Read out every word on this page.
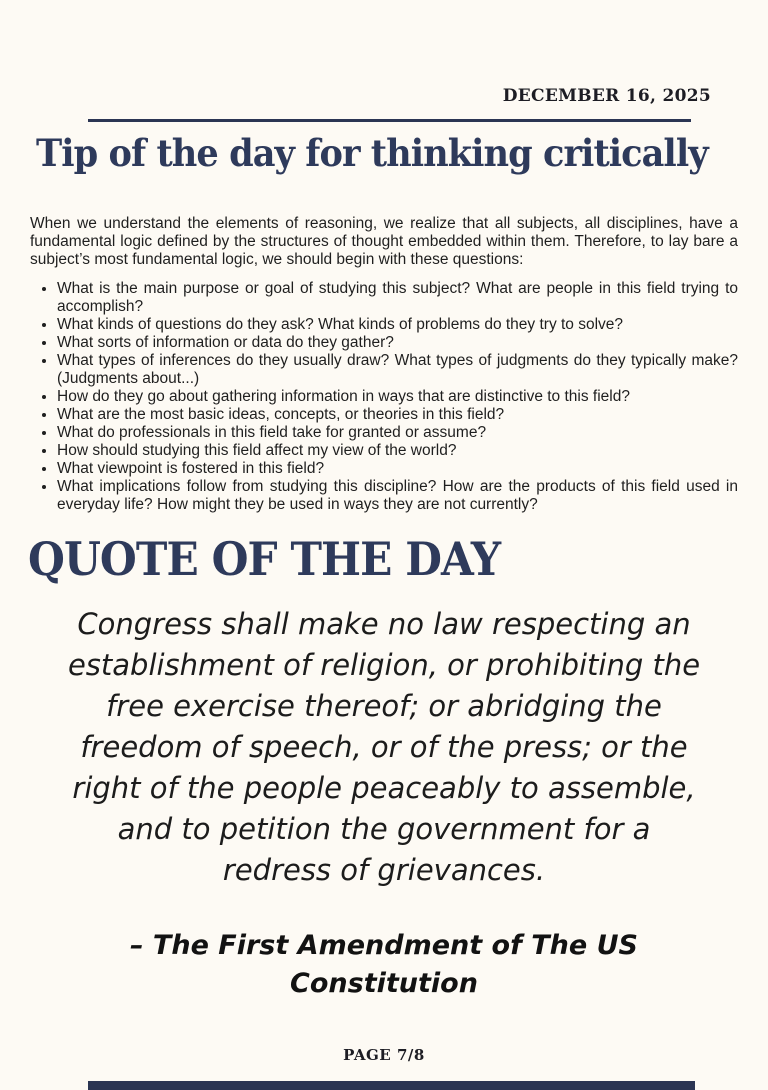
DECEMBER 16, 2025
Tip of the day for thinking critically

When we understand the elements of reasoning, we realize that all subjects, all disciplines, have a fundamental logic defined by the structures of thought embedded within them. Therefore, to lay bare a subject’s most fundamental logic, we should begin with these questions:

• What is the main purpose or goal of studying this subject? What are people in this field trying to accomplish?
• What kinds of questions do they ask? What kinds of problems do they try to solve?
• What sorts of information or data do they gather?
• What types of inferences do they usually draw? What types of judgments do they typically make? (Judgments about...)
• How do they go about gathering information in ways that are distinctive to this field?
• What are the most basic ideas, concepts, or theories in this field?
• What do professionals in this field take for granted or assume?
• How should studying this field affect my view of the world?
• What viewpoint is fostered in this field?
• What implications follow from studying this discipline? How are the products of this field used in everyday life? How might they be used in ways they are not currently?
QUOTE OF THE DAY

Congress shall make no law respecting an establishment of religion, or prohibiting the free exercise thereof; or abridging the freedom of speech, or of the press; or the right of the people peaceably to assemble, and to petition the government for a redress of grievances.

– The First Amendment of The US Constitution

PAGE 7/8
